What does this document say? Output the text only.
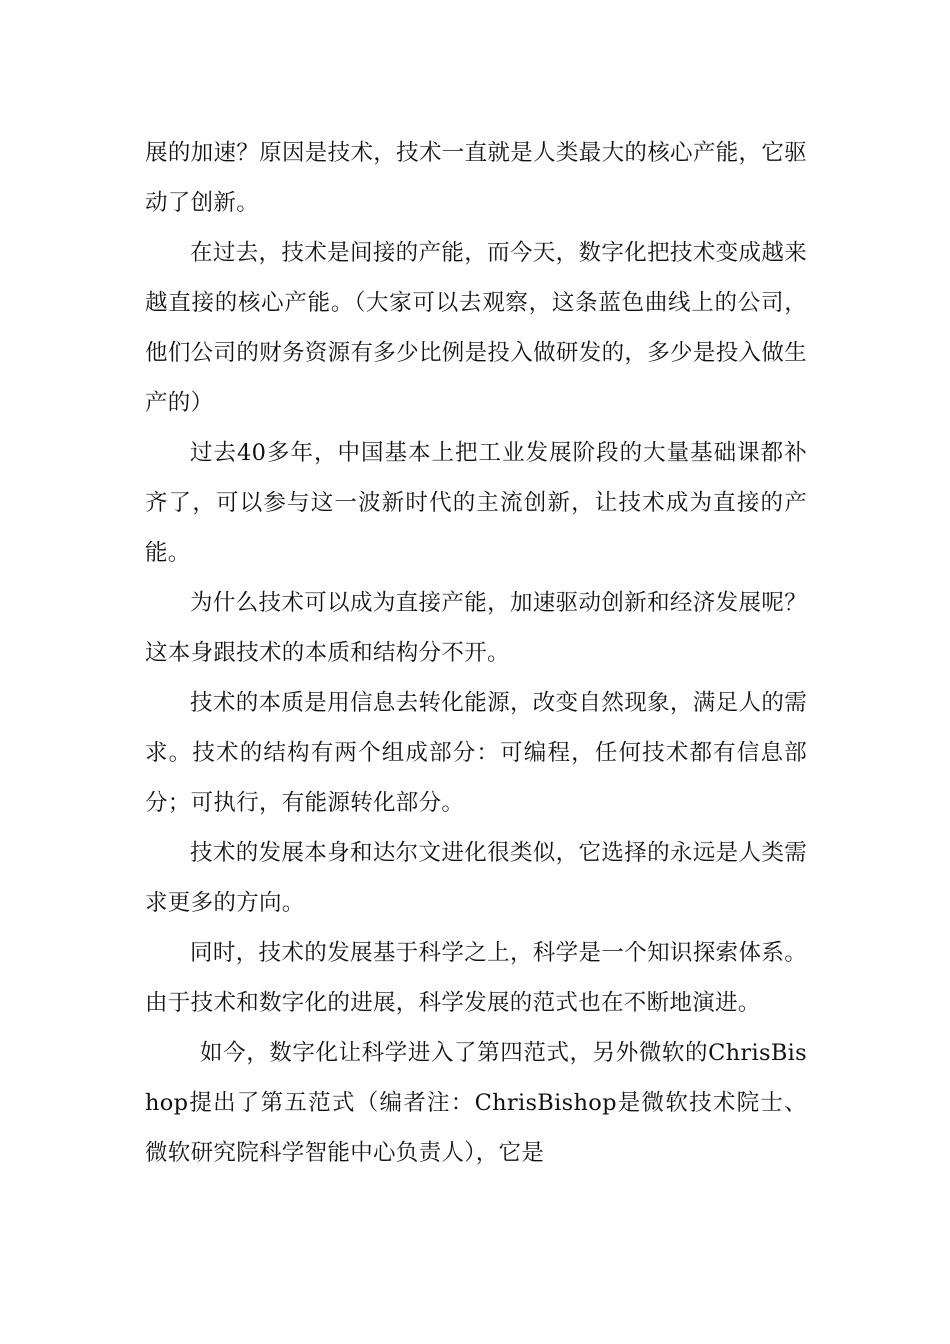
展的加速？原因是技术，技术一直就是人类最大的核心产能，它驱动了创新。

在过去，技术是间接的产能，而今天，数字化把技术变成越来越直接的核心产能。（大家可以去观察，这条蓝色曲线上的公司，他们公司的财务资源有多少比例是投入做研发的，多少是投入做生产的）

过去40多年，中国基本上把工业发展阶段的大量基础课都补齐了，可以参与这一波新时代的主流创新，让技术成为直接的产能。

为什么技术可以成为直接产能，加速驱动创新和经济发展呢？这本身跟技术的本质和结构分不开。

技术的本质是用信息去转化能源，改变自然现象，满足人的需求。技术的结构有两个组成部分：可编程，任何技术都有信息部分；可执行，有能源转化部分。

技术的发展本身和达尔文进化很类似，它选择的永远是人类需求更多的方向。

同时，技术的发展基于科学之上，科学是一个知识探索体系。由于技术和数字化的进展，科学发展的范式也在不断地演进。

如今，数字化让科学进入了第四范式，另外微软的ChrisBishop提出了第五范式（编者注：ChrisBishop是微软技术院士、微软研究院科学智能中心负责人），它是
